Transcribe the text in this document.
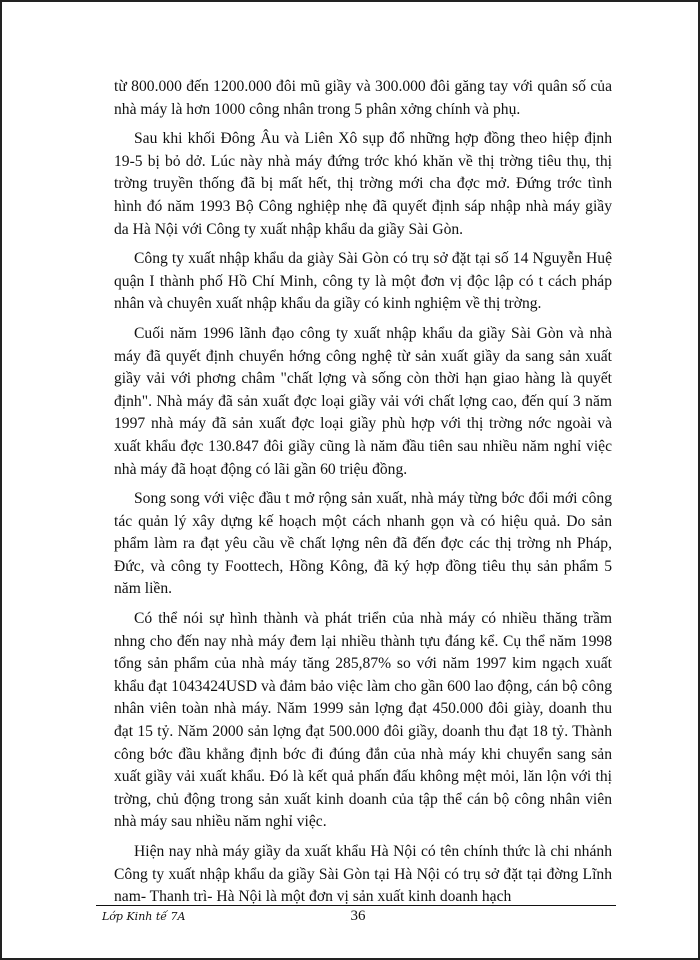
từ 800.000 đến 1200.000 đôi mũ giầy và 300.000 đôi găng tay với quân số của nhà máy là hơn 1000 công nhân trong 5 phân xởng chính và phụ.

Sau khi khối Đông Âu và Liên Xô sụp đổ những hợp đồng theo hiệp định 19-5 bị bỏ dở. Lúc này nhà máy đứng trớc khó khăn về thị trờng tiêu thụ, thị trờng truyền thống đã bị mất hết, thị trờng mới cha đợc mở. Đứng trớc tình hình đó năm 1993 Bộ Công nghiệp nhẹ đã quyết định sáp nhập nhà máy giầy da Hà Nội với Công ty xuất nhập khẩu da giầy Sài Gòn.

Công ty xuất nhập khẩu da giày Sài Gòn có trụ sở đặt tại số 14 Nguyễn Huệ quận I thành phố Hồ Chí Minh, công ty là một đơn vị độc lập có t cách pháp nhân và chuyên xuất nhập khẩu da giầy có kinh nghiệm về thị trờng.

Cuối năm 1996 lãnh đạo công ty xuất nhập khẩu da giầy Sài Gòn và nhà máy đã quyết định chuyển hớng công nghệ từ sản xuất giầy da sang sản xuất giầy vải với phơng châm "chất lợng và sống còn thời hạn giao hàng là quyết định". Nhà máy đã sản xuất đợc loại giầy vải với chất lợng cao, đến quí 3 năm 1997 nhà máy đã sản xuất đợc loại giầy phù hợp với thị trờng nớc ngoài và xuất khẩu đợc 130.847 đôi giầy cũng là năm đầu tiên sau nhiều năm nghỉ việc nhà máy đã hoạt động có lãi gần 60 triệu đồng.

Song song với việc đầu t mở rộng sản xuất, nhà máy từng bớc đổi mới công tác quản lý xây dựng kế hoạch một cách nhanh gọn và có hiệu quả. Do sản phẩm làm ra đạt yêu cầu về chất lợng nên đã đến đợc các thị trờng nh Pháp, Đức, và công ty Foottech, Hồng Kông, đã ký hợp đồng tiêu thụ sản phẩm 5 năm liền.

Có thể nói sự hình thành và phát triển của nhà máy có nhiều thăng trầm nhng cho đến nay nhà máy đem lại nhiều thành tựu đáng kể. Cụ thể năm 1998 tổng sản phẩm của nhà máy tăng 285,87% so với năm 1997 kim ngạch xuất khẩu đạt 1043424USD và đảm bảo việc làm cho gần 600 lao động, cán bộ công nhân viên toàn nhà máy. Năm 1999 sản lợng đạt 450.000 đôi giày, doanh thu đạt 15 tỷ. Năm 2000 sản lợng đạt 500.000 đôi giầy, doanh thu đạt 18 tỷ. Thành công bớc đầu khẳng định bớc đi đúng đắn của nhà máy khi chuyển sang sản xuất giầy vải xuất khẩu. Đó là kết quả phấn đấu không mệt mỏi, lăn lộn với thị trờng, chủ động trong sản xuất kinh doanh của tập thể cán bộ công nhân viên nhà máy sau nhiều năm nghỉ việc.

Hiện nay nhà máy giầy da xuất khẩu Hà Nội có tên chính thức là chi nhánh Công ty xuất nhập khẩu da giầy Sài Gòn tại Hà Nội có trụ sở đặt tại đờng Lĩnh nam- Thanh trì- Hà Nội là một đơn vị sản xuất kinh doanh hạch

Lớp Kinh tế 7A	36
